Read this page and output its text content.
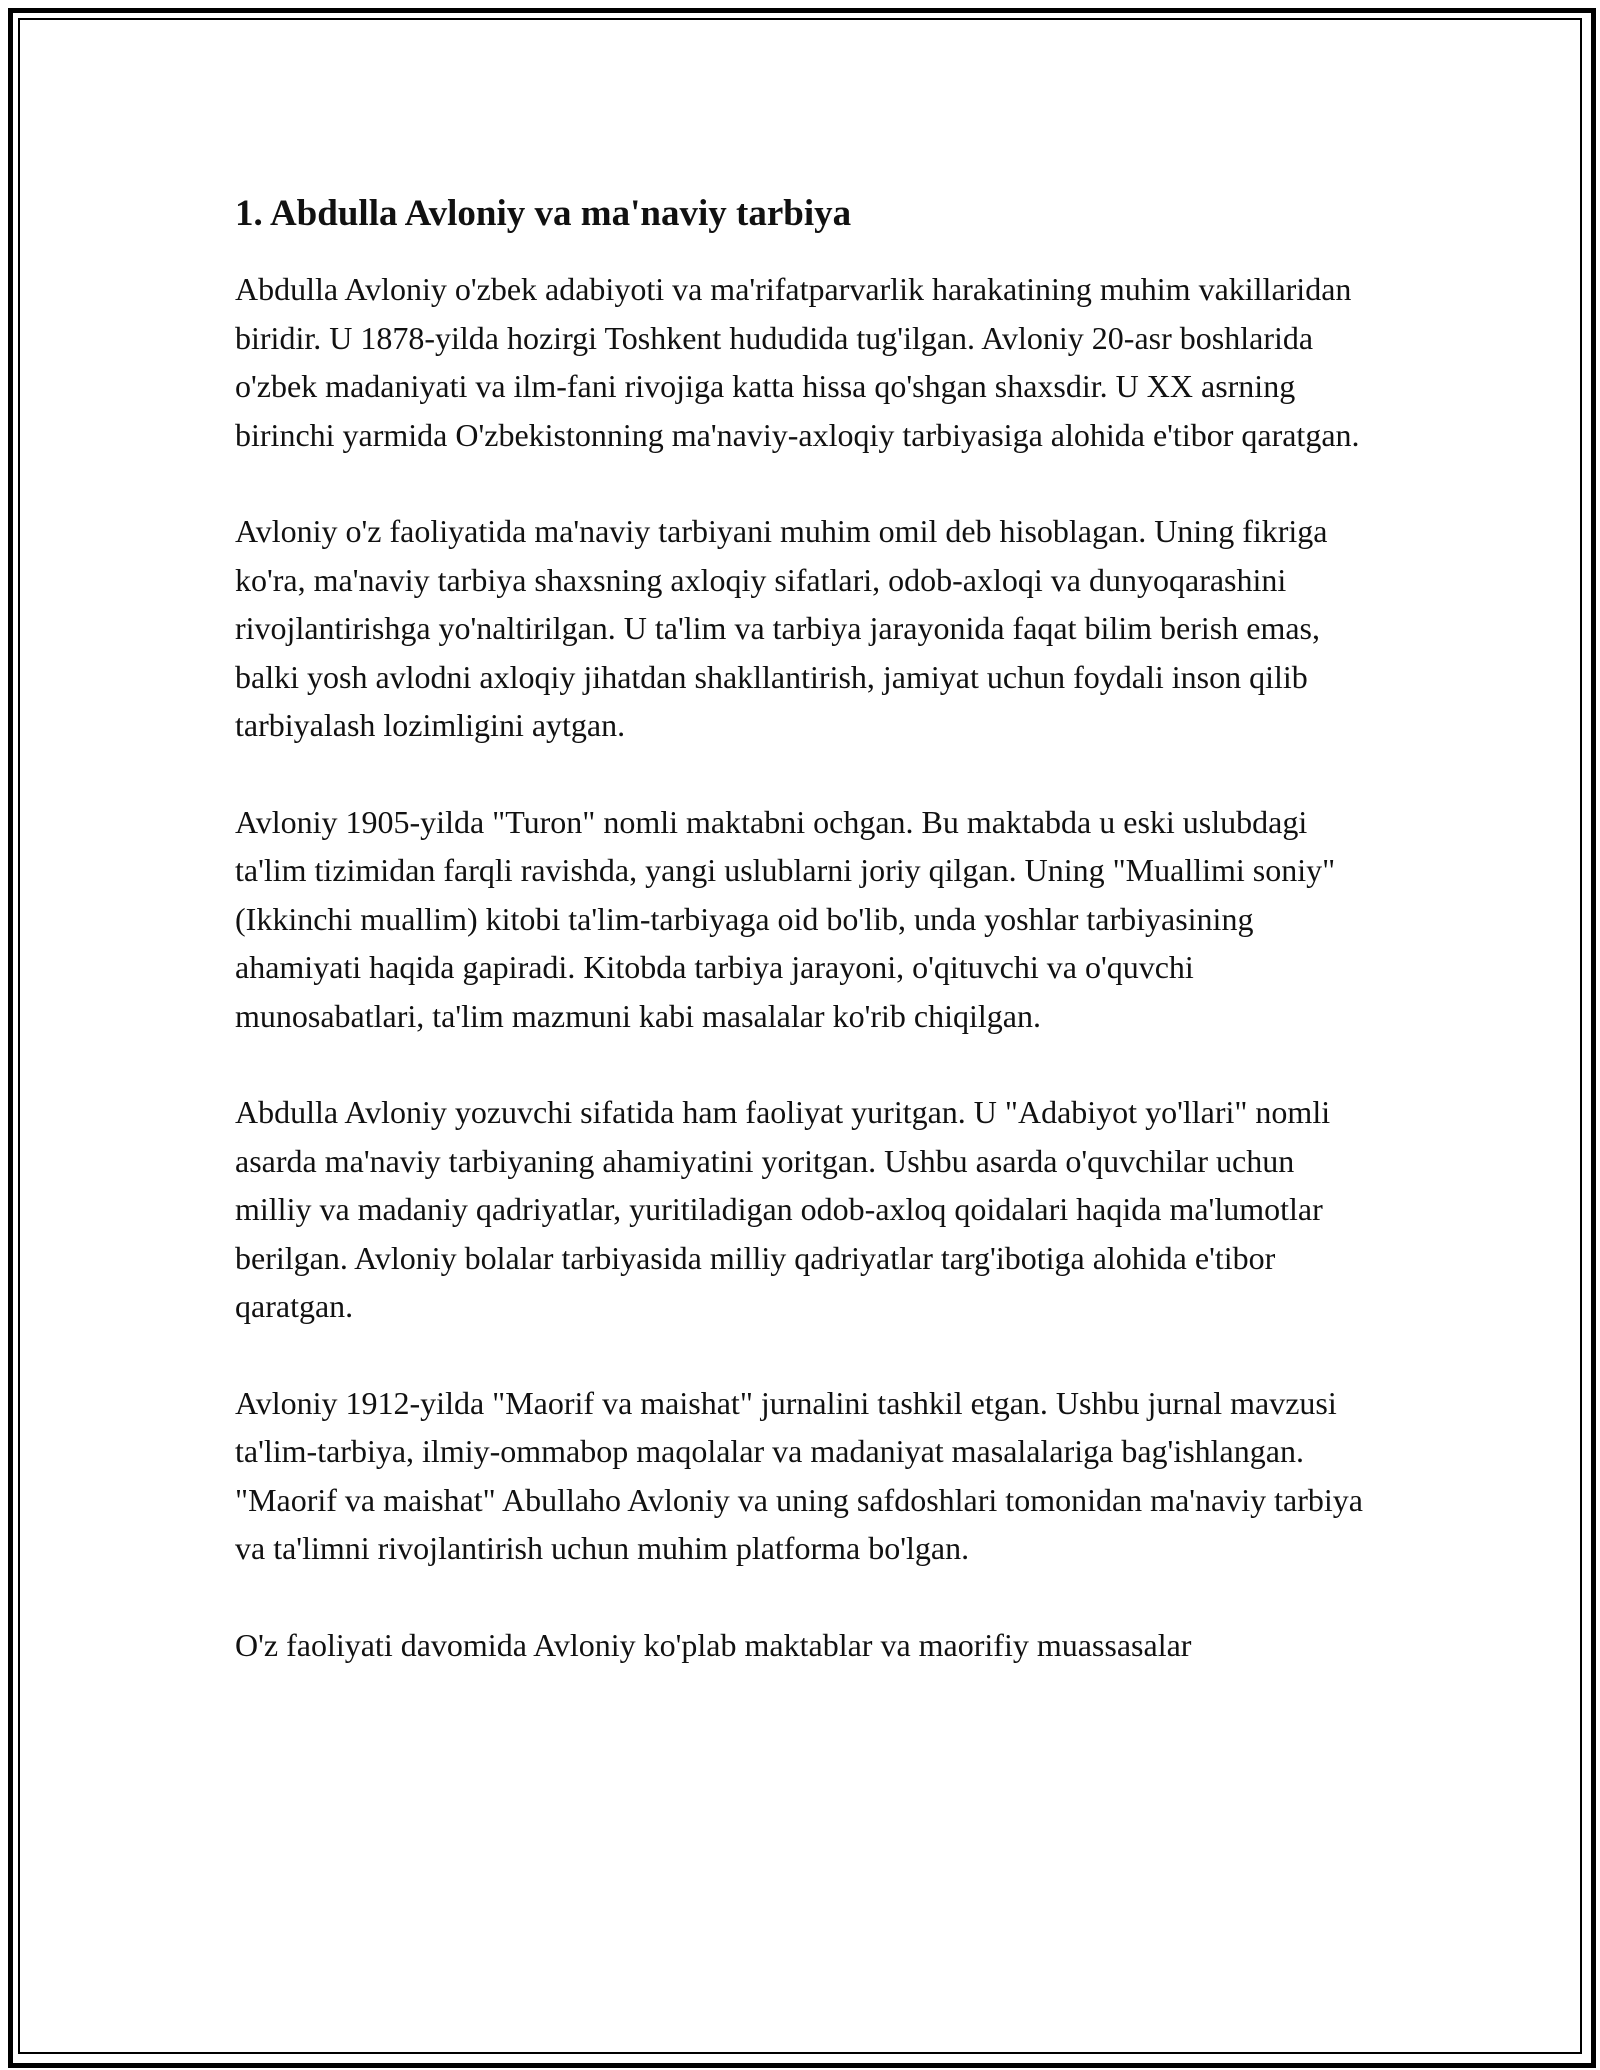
1. Abdulla Avloniy va ma'naviy tarbiya

Abdulla Avloniy o'zbek adabiyoti va ma'rifatparvarlik harakatining muhim vakillaridan biridir. U 1878-yilda hozirgi Toshkent hududida tug'ilgan. Avloniy 20-asr boshlarida o'zbek madaniyati va ilm-fani rivojiga katta hissa qo'shgan shaxsdir. U XX asrning birinchi yarmida O'zbekistonning ma'naviy-axloqiy tarbiyasiga alohida e'tibor qaratgan.

Avloniy o'z faoliyatida ma'naviy tarbiyani muhim omil deb hisoblagan. Uning fikriga ko'ra, ma'naviy tarbiya shaxsning axloqiy sifatlari, odob-axloqi va dunyoqarashini rivojlantirishga yo'naltirilgan. U ta'lim va tarbiya jarayonida faqat bilim berish emas, balki yosh avlodni axloqiy jihatdan shakllantirish, jamiyat uchun foydali inson qilib tarbiyalash lozimligini aytgan.

Avloniy 1905-yilda "Turon" nomli maktabni ochgan. Bu maktabda u eski uslubdagi ta'lim tizimidan farqli ravishda, yangi uslublarni joriy qilgan. Uning "Muallimi soniy" (Ikkinchi muallim) kitobi ta'lim-tarbiyaga oid bo'lib, unda yoshlar tarbiyasining ahamiyati haqida gapiradi. Kitobda tarbiya jarayoni, o'qituvchi va o'quvchi munosabatlari, ta'lim mazmuni kabi masalalar ko'rib chiqilgan.

Abdulla Avloniy yozuvchi sifatida ham faoliyat yuritgan. U "Adabiyot yo'llari" nomli asarda ma'naviy tarbiyaning ahamiyatini yoritgan. Ushbu asarda o'quvchilar uchun milliy va madaniy qadriyatlar, yuritiladigan odob-axloq qoidalari haqida ma'lumotlar berilgan. Avloniy bolalar tarbiyasida milliy qadriyatlar targ'ibotiga alohida e'tibor qaratgan.

Avloniy 1912-yilda "Maorif va maishat" jurnalini tashkil etgan. Ushbu jurnal mavzusi ta'lim-tarbiya, ilmiy-ommabop maqolalar va madaniyat masalalariga bag'ishlangan. "Maorif va maishat" Abullaho Avloniy va uning safdoshlari tomonidan ma'naviy tarbiya va ta'limni rivojlantirish uchun muhim platforma bo'lgan.

O'z faoliyati davomida Avloniy ko'plab maktablar va maorifiy muassasalar
